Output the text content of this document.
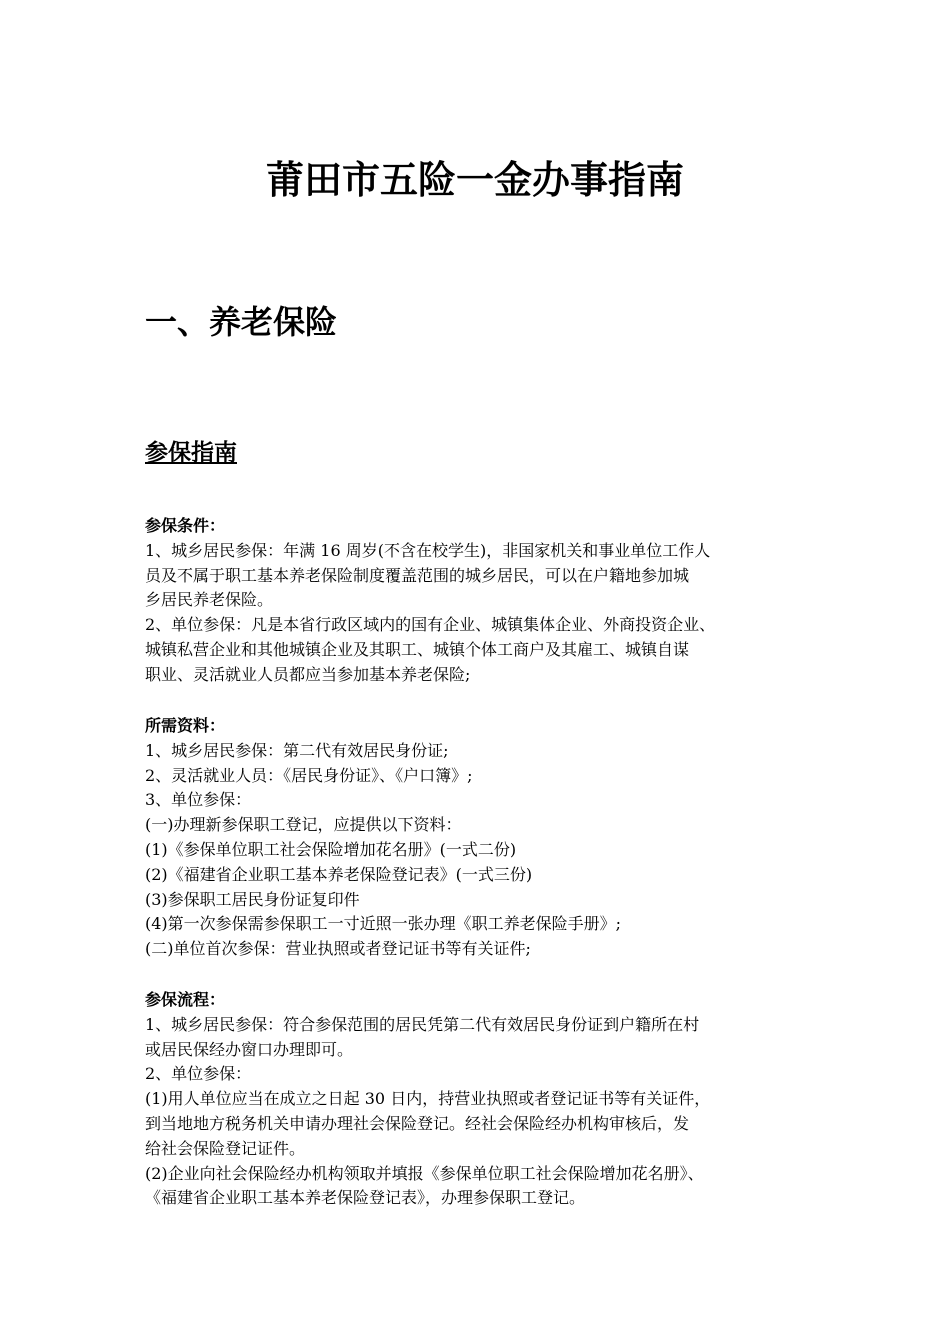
莆田市五险一金办事指南
一、养老保险
参保指南
参保条件：
1、城乡居民参保：年满 16 周岁(不含在校学生)，非国家机关和事业单位工作人
员及不属于职工基本养老保险制度覆盖范围的城乡居民，可以在户籍地参加城
乡居民养老保险。
2、单位参保：凡是本省行政区域内的国有企业、城镇集体企业、外商投资企业、
城镇私营企业和其他城镇企业及其职工、城镇个体工商户及其雇工、城镇自谋
职业、灵活就业人员都应当参加基本养老保险;
所需资料：
1、城乡居民参保：第二代有效居民身份证;
2、灵活就业人员：《居民身份证》、《户口簿》;
3、单位参保：
(一)办理新参保职工登记，应提供以下资料：
(1)《参保单位职工社会保险增加花名册》(一式二份)
(2)《福建省企业职工基本养老保险登记表》(一式三份)
(3)参保职工居民身份证复印件
(4)第一次参保需参保职工一寸近照一张办理《职工养老保险手册》;
(二)单位首次参保：营业执照或者登记证书等有关证件;
参保流程：
1、城乡居民参保：符合参保范围的居民凭第二代有效居民身份证到户籍所在村
或居民保经办窗口办理即可。
2、单位参保：
(1)用人单位应当在成立之日起 30 日内，持营业执照或者登记证书等有关证件，
到当地地方税务机关申请办理社会保险登记。经社会保险经办机构审核后，发
给社会保险登记证件。
(2)企业向社会保险经办机构领取并填报《参保单位职工社会保险增加花名册》、
《福建省企业职工基本养老保险登记表》，办理参保职工登记。
